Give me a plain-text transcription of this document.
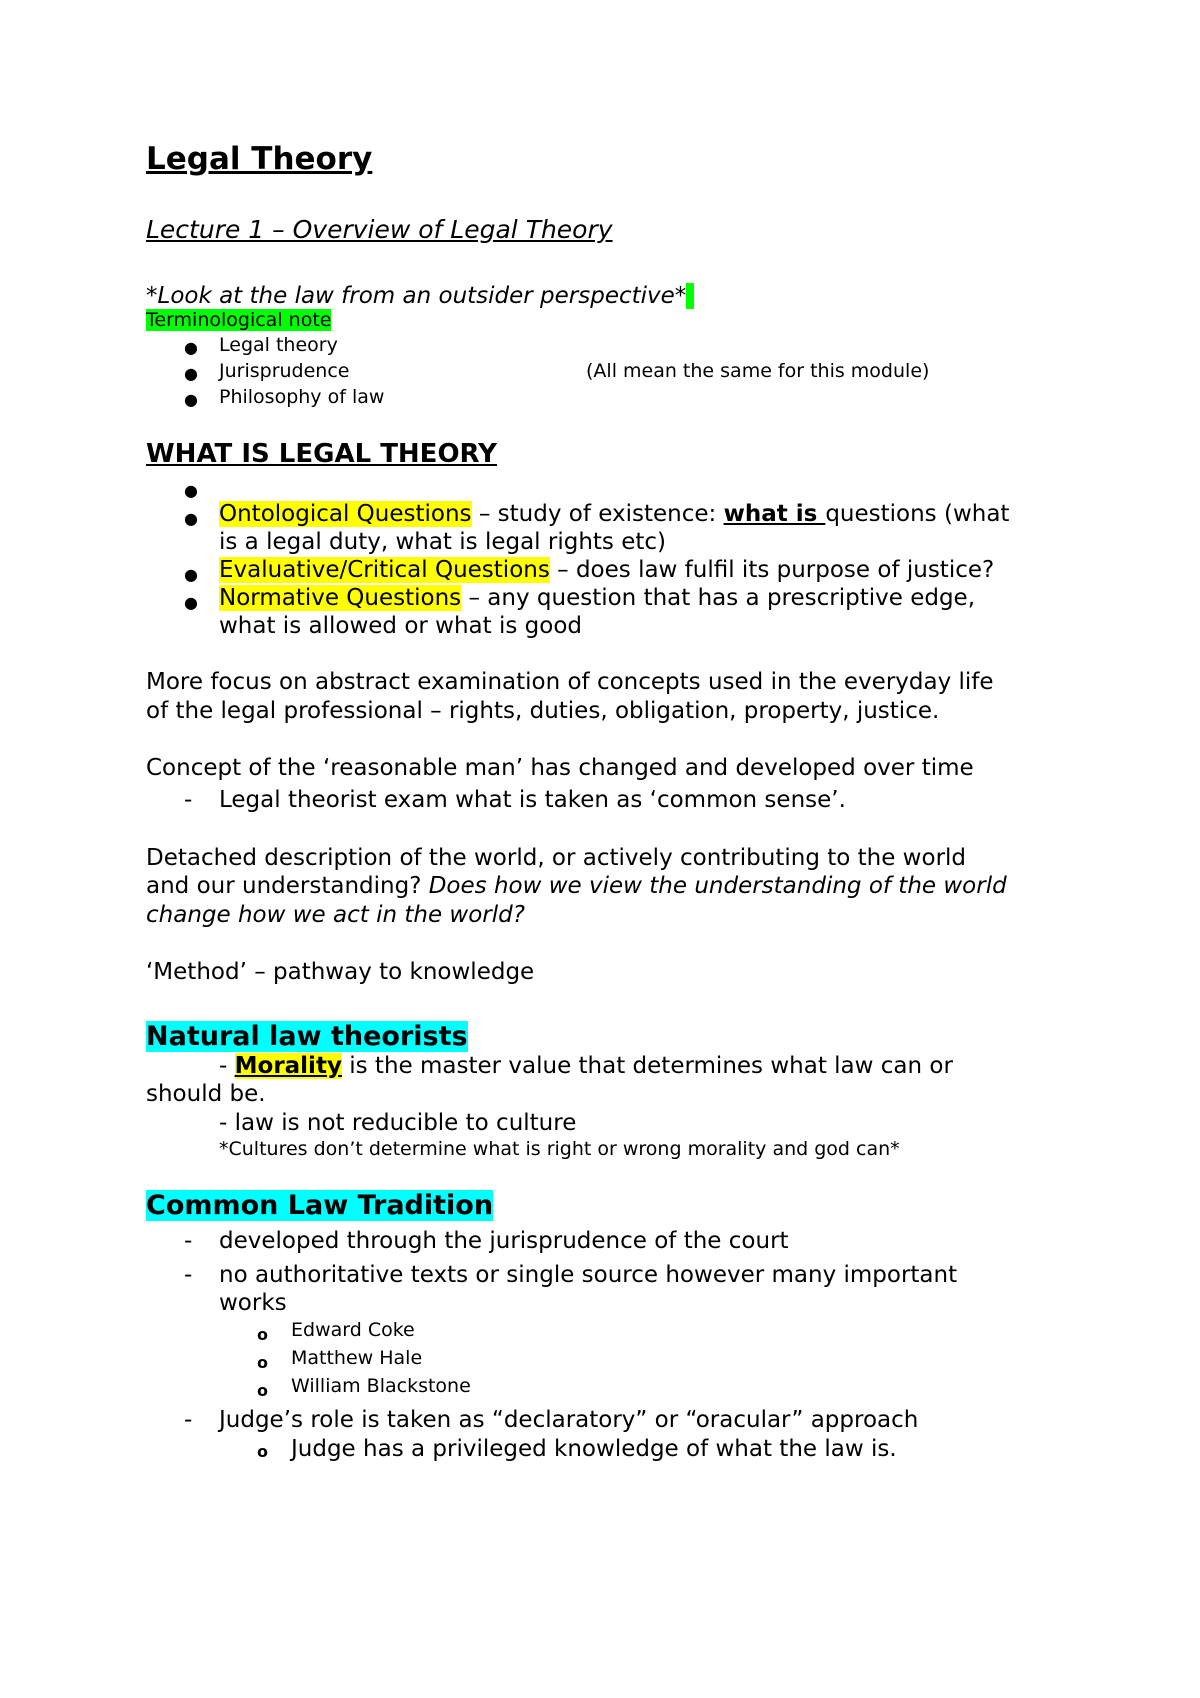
Legal Theory
Lecture 1 – Overview of Legal Theory
*Look at the law from an outsider perspective*
Terminological note
● Legal theory
● Jurisprudence	(All mean the same for this module)
● Philosophy of law
WHAT IS LEGAL THEORY
●
● Ontological Questions – study of existence: what is questions (what
is a legal duty, what is legal rights etc)
● Evaluative/Critical Questions – does law fulfil its purpose of justice?
● Normative Questions – any question that has a prescriptive edge,
what is allowed or what is good
More focus on abstract examination of concepts used in the everyday life
of the legal professional – rights, duties, obligation, property, justice.
Concept of the ‘reasonable man’ has changed and developed over time
- Legal theorist exam what is taken as ‘common sense’.
Detached description of the world, or actively contributing to the world
and our understanding? Does how we view the understanding of the world
change how we act in the world?
‘Method’ – pathway to knowledge
Natural law theorists
- Morality is the master value that determines what law can or
should be.
- law is not reducible to culture
*Cultures don’t determine what is right or wrong morality and god can*
Common Law Tradition
- developed through the jurisprudence of the court
- no authoritative texts or single source however many important
works
o Edward Coke
o Matthew Hale
o William Blackstone
- Judge’s role is taken as “declaratory” or “oracular” approach
o Judge has a privileged knowledge of what the law is.
